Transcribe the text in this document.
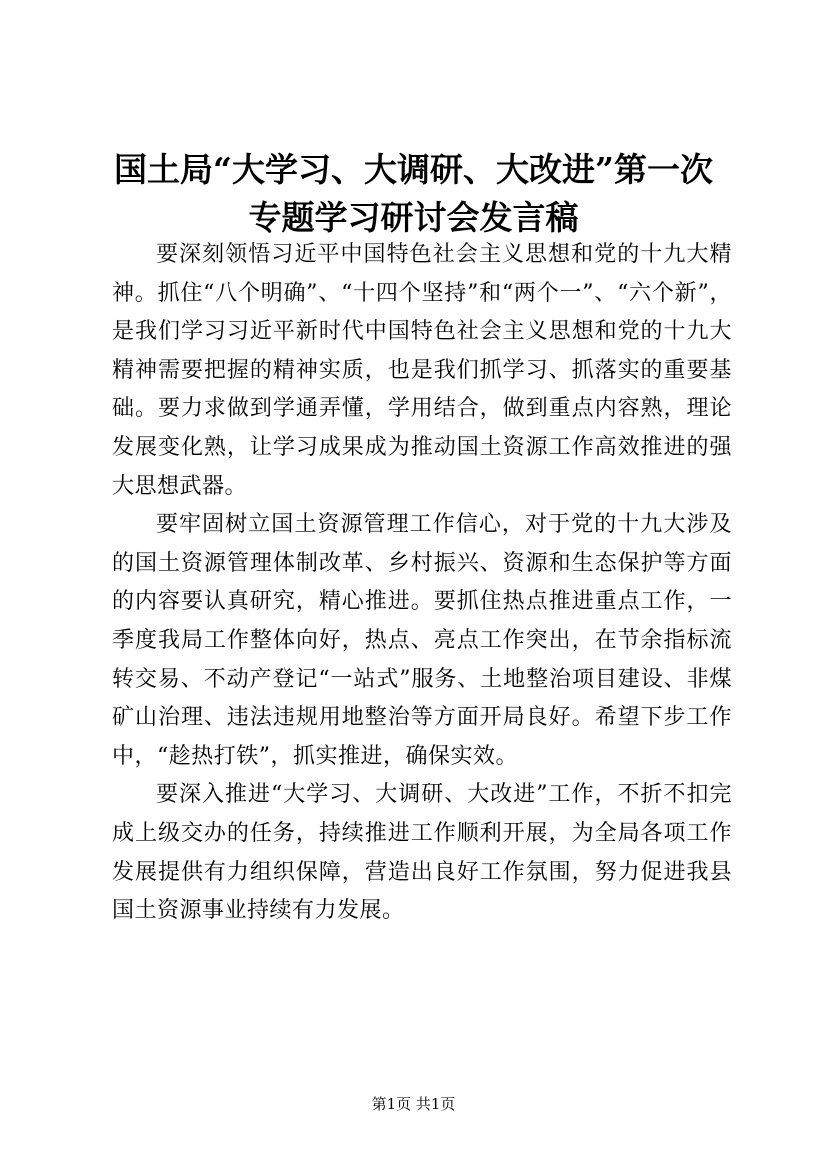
国土局“大学习、大调研、大改进”第一次专题学习研讨会发言稿

要深刻领悟习近平中国特色社会主义思想和党的十九大精神。抓住“八个明确”、“十四个坚持”和“两个一”、“六个新”，是我们学习习近平新时代中国特色社会主义思想和党的十九大精神需要把握的精神实质，也是我们抓学习、抓落实的重要基础。要力求做到学通弄懂，学用结合，做到重点内容熟，理论发展变化熟，让学习成果成为推动国土资源工作高效推进的强大思想武器。

要牢固树立国土资源管理工作信心，对于党的十九大涉及的国土资源管理体制改革、乡村振兴、资源和生态保护等方面的内容要认真研究，精心推进。要抓住热点推进重点工作，一季度我局工作整体向好，热点、亮点工作突出，在节余指标流转交易、不动产登记“一站式”服务、土地整治项目建设、非煤矿山治理、违法违规用地整治等方面开局良好。希望下步工作中，“趁热打铁”，抓实推进，确保实效。

要深入推进“大学习、大调研、大改进”工作，不折不扣完成上级交办的任务，持续推进工作顺利开展，为全局各项工作发展提供有力组织保障，营造出良好工作氛围，努力促进我县国土资源事业持续有力发展。

第1页 共1页
